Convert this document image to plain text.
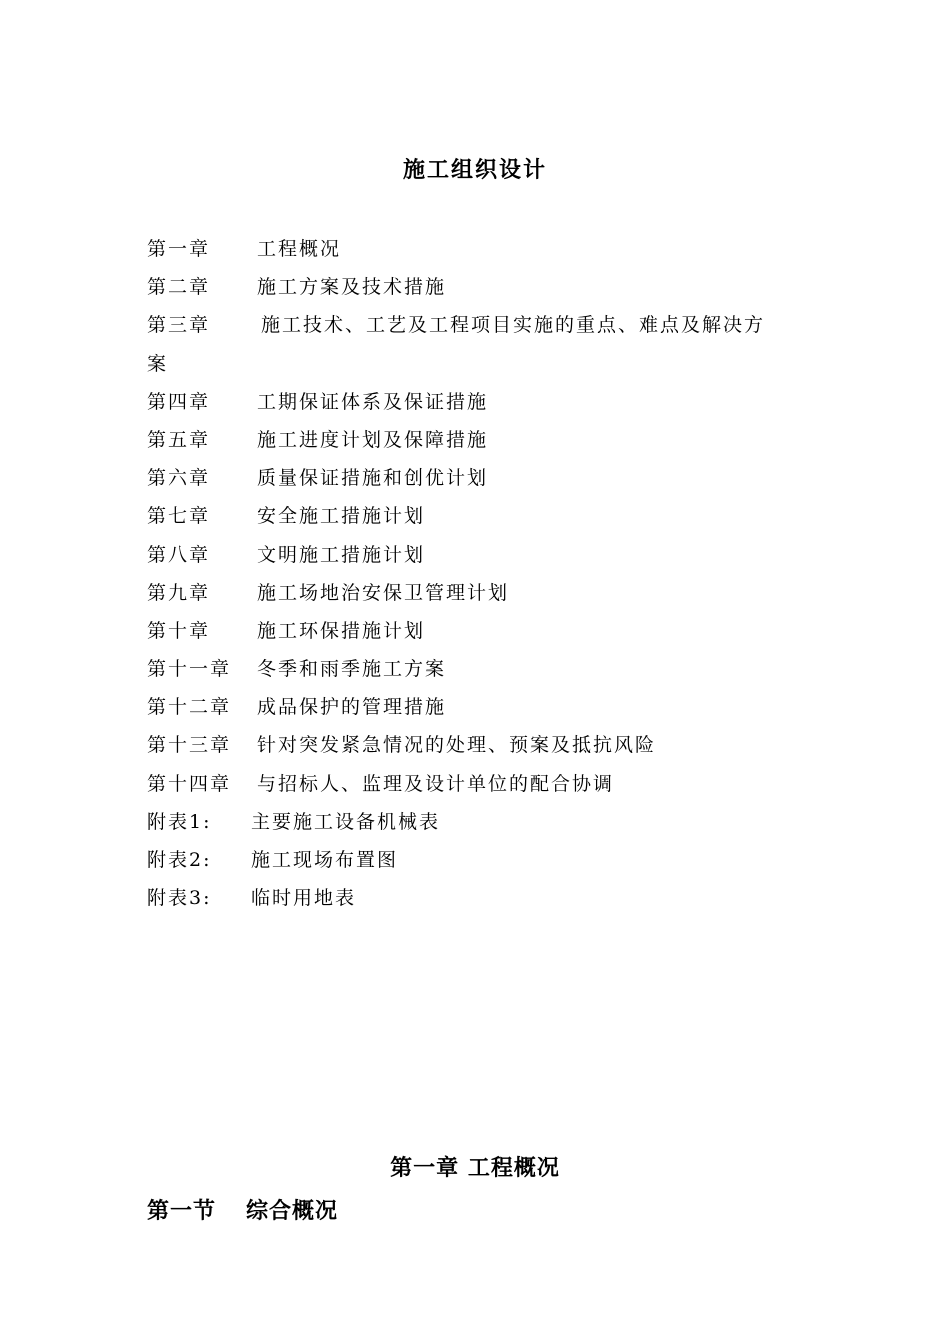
施工组织设计
第一章	工程概况
第二章	施工方案及技术措施
第三章	施工技术、工艺及工程项目实施的重点、难点及解决方
案
第四章	工期保证体系及保证措施
第五章	施工进度计划及保障措施
第六章	质量保证措施和创优计划
第七章	安全施工措施计划
第八章	文明施工措施计划
第九章	施工场地治安保卫管理计划
第十章	施工环保措施计划
第十一章	冬季和雨季施工方案
第十二章	成品保护的管理措施
第十三章	针对突发紧急情况的处理、预案及抵抗风险
第十四章	与招标人、监理及设计单位的配合协调
附表1:	主要施工设备机械表
附表2:	施工现场布置图
附表3:	临时用地表
第一章 工程概况
第一节 综合概况
